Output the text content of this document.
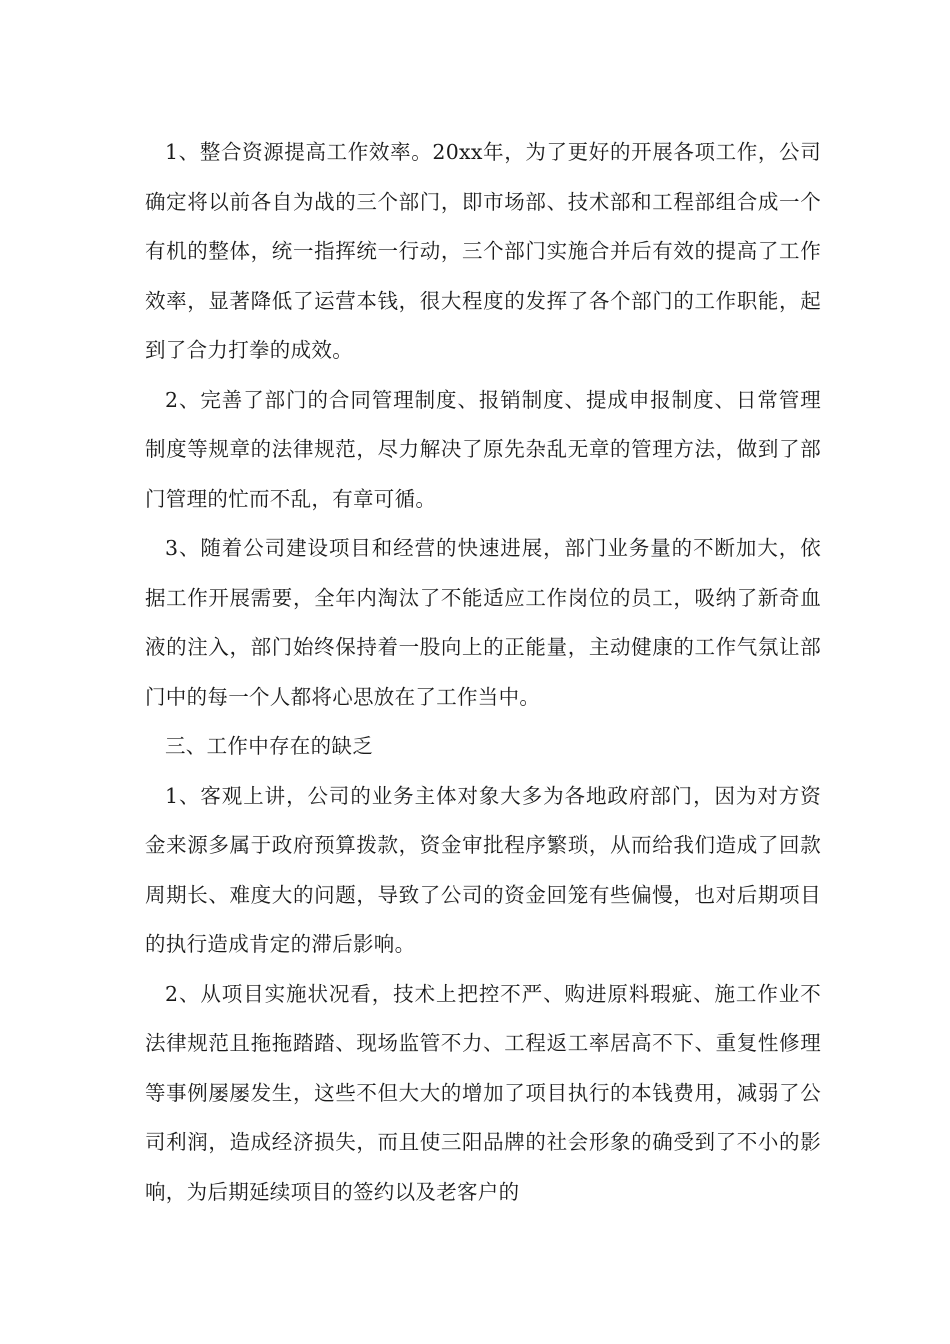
1、整合资源提高工作效率。20xx年，为了更好的开展各项工作，公司确定将以前各自为战的三个部门，即市场部、技术部和工程部组合成一个有机的整体，统一指挥统一行动，三个部门实施合并后有效的提高了工作效率，显著降低了运营本钱，很大程度的发挥了各个部门的工作职能，起到了合力打拳的成效。

2、完善了部门的合同管理制度、报销制度、提成申报制度、日常管理制度等规章的法律规范，尽力解决了原先杂乱无章的管理方法，做到了部门管理的忙而不乱，有章可循。

3、随着公司建设项目和经营的快速进展，部门业务量的不断加大，依据工作开展需要，全年内淘汰了不能适应工作岗位的员工，吸纳了新奇血液的注入，部门始终保持着一股向上的正能量，主动健康的工作气氛让部门中的每一个人都将心思放在了工作当中。

三、工作中存在的缺乏

1、客观上讲，公司的业务主体对象大多为各地政府部门，因为对方资金来源多属于政府预算拨款，资金审批程序繁琐，从而给我们造成了回款周期长、难度大的问题，导致了公司的资金回笼有些偏慢，也对后期项目的执行造成肯定的滞后影响。

2、从项目实施状况看，技术上把控不严、购进原料瑕疵、施工作业不法律规范且拖拖踏踏、现场监管不力、工程返工率居高不下、重复性修理等事例屡屡发生，这些不但大大的增加了项目执行的本钱费用，减弱了公司利润，造成经济损失，而且使三阳品牌的社会形象的确受到了不小的影响，为后期延续项目的签约以及老客户的
